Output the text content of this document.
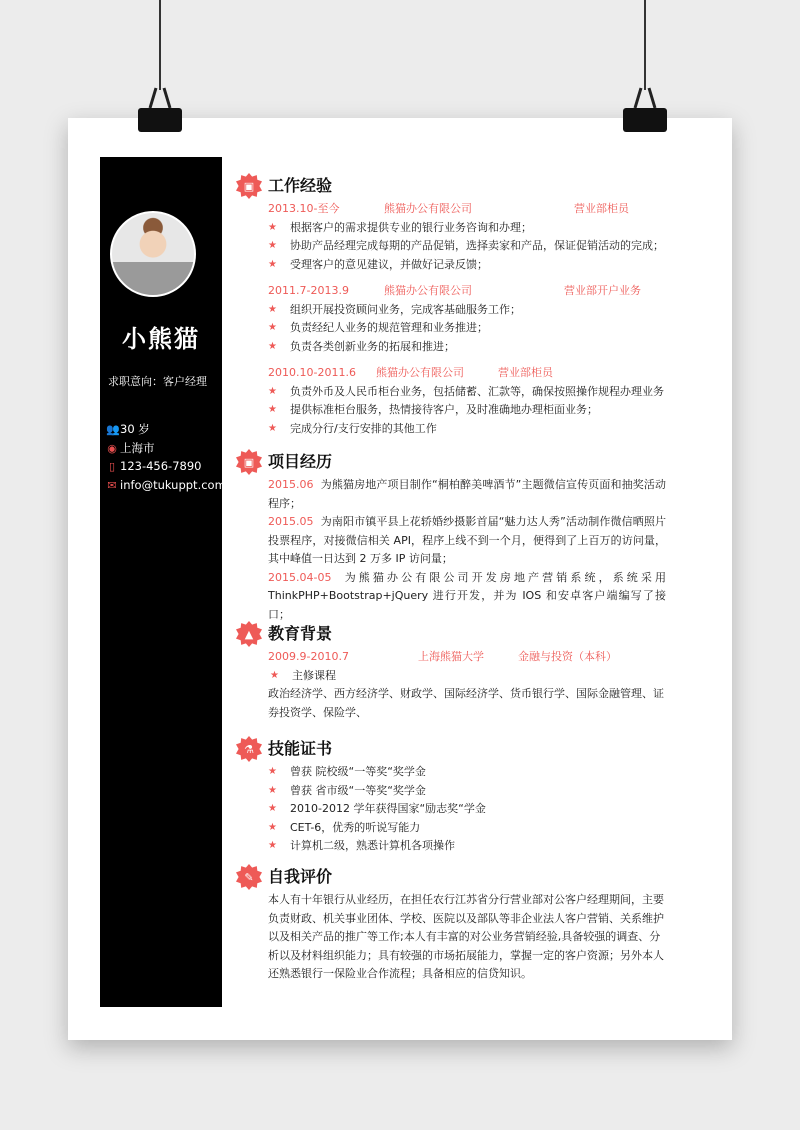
小熊猫
求职意向：客户经理
👥 30 岁
◉ 上海市
▯ 123-456-7890
✉ info@tukuppt.com
▣ 工作经验
2013.10-至今	熊猫办公有限公司	营业部柜员
★	根据客户的需求提供专业的银行业务咨询和办理；
★	协助产品经理完成每期的产品促销，选择卖家和产品，保证促销活动的完成；
★	受理客户的意见建议，并做好记录反馈；
2011.7-2013.9	熊猫办公有限公司	营业部开户业务
★	组织开展投资顾问业务，完成客基础服务工作；
★	负责经纪人业务的规范管理和业务推进；
★	负责各类创新业务的拓展和推进；
2010.10-2011.6	熊猫办公有限公司	营业部柜员
★	负责外币及人民币柜台业务，包括储蓄、汇款等，确保按照操作规程办理业务
★	提供标准柜台服务，热情接待客户，及时准确地办理柜面业务；
★	完成分行/支行安排的其他工作
▣ 项目经历
2015.06 为熊猫房地产项目制作“桐柏醉美啤酒节”主题微信宣传页面和抽奖活动程序；
2015.05 为南阳市镇平县上花轿婚纱摄影首届“魅力达人秀”活动制作微信晒照片投票程序，对接微信相关 API，程序上线不到一个月，便得到了上百万的访问量，其中峰值一日达到 2 万多 IP 访问量；
2015.04-05 为熊猫办公有限公司开发房地产营销系统，系统采用 ThinkPHP+Bootstrap+jQuery 进行开发，并为 IOS 和安卓客户端编写了接口；
▲ 教育背景
2009.9-2010.7	上海熊猫大学	金融与投资（本科）
★	主修课程
政治经济学、西方经济学、财政学、国际经济学、货币银行学、国际金融管理、证券投资学、保险学、
⚗ 技能证书
★	曾获 院校级“一等奖“奖学金
★	曾获 省市级“一等奖“奖学金
★	2010-2012 学年获得国家“励志奖“学金
★	CET-6，优秀的听说写能力
★	计算机二级，熟悉计算机各项操作
✎ 自我评价
本人有十年银行从业经历，在担任农行江苏省分行营业部对公客户经理期间，主要负责财政、机关事业团体、学校、医院以及部队等非企业法人客户营销、关系维护以及相关产品的推广等工作;本人有丰富的对公业务营销经验,具备较强的调查、分析以及材料组织能力；具有较强的市场拓展能力，掌握一定的客户资源；另外本人还熟悉银行一保险业合作流程；具备相应的信贷知识。
